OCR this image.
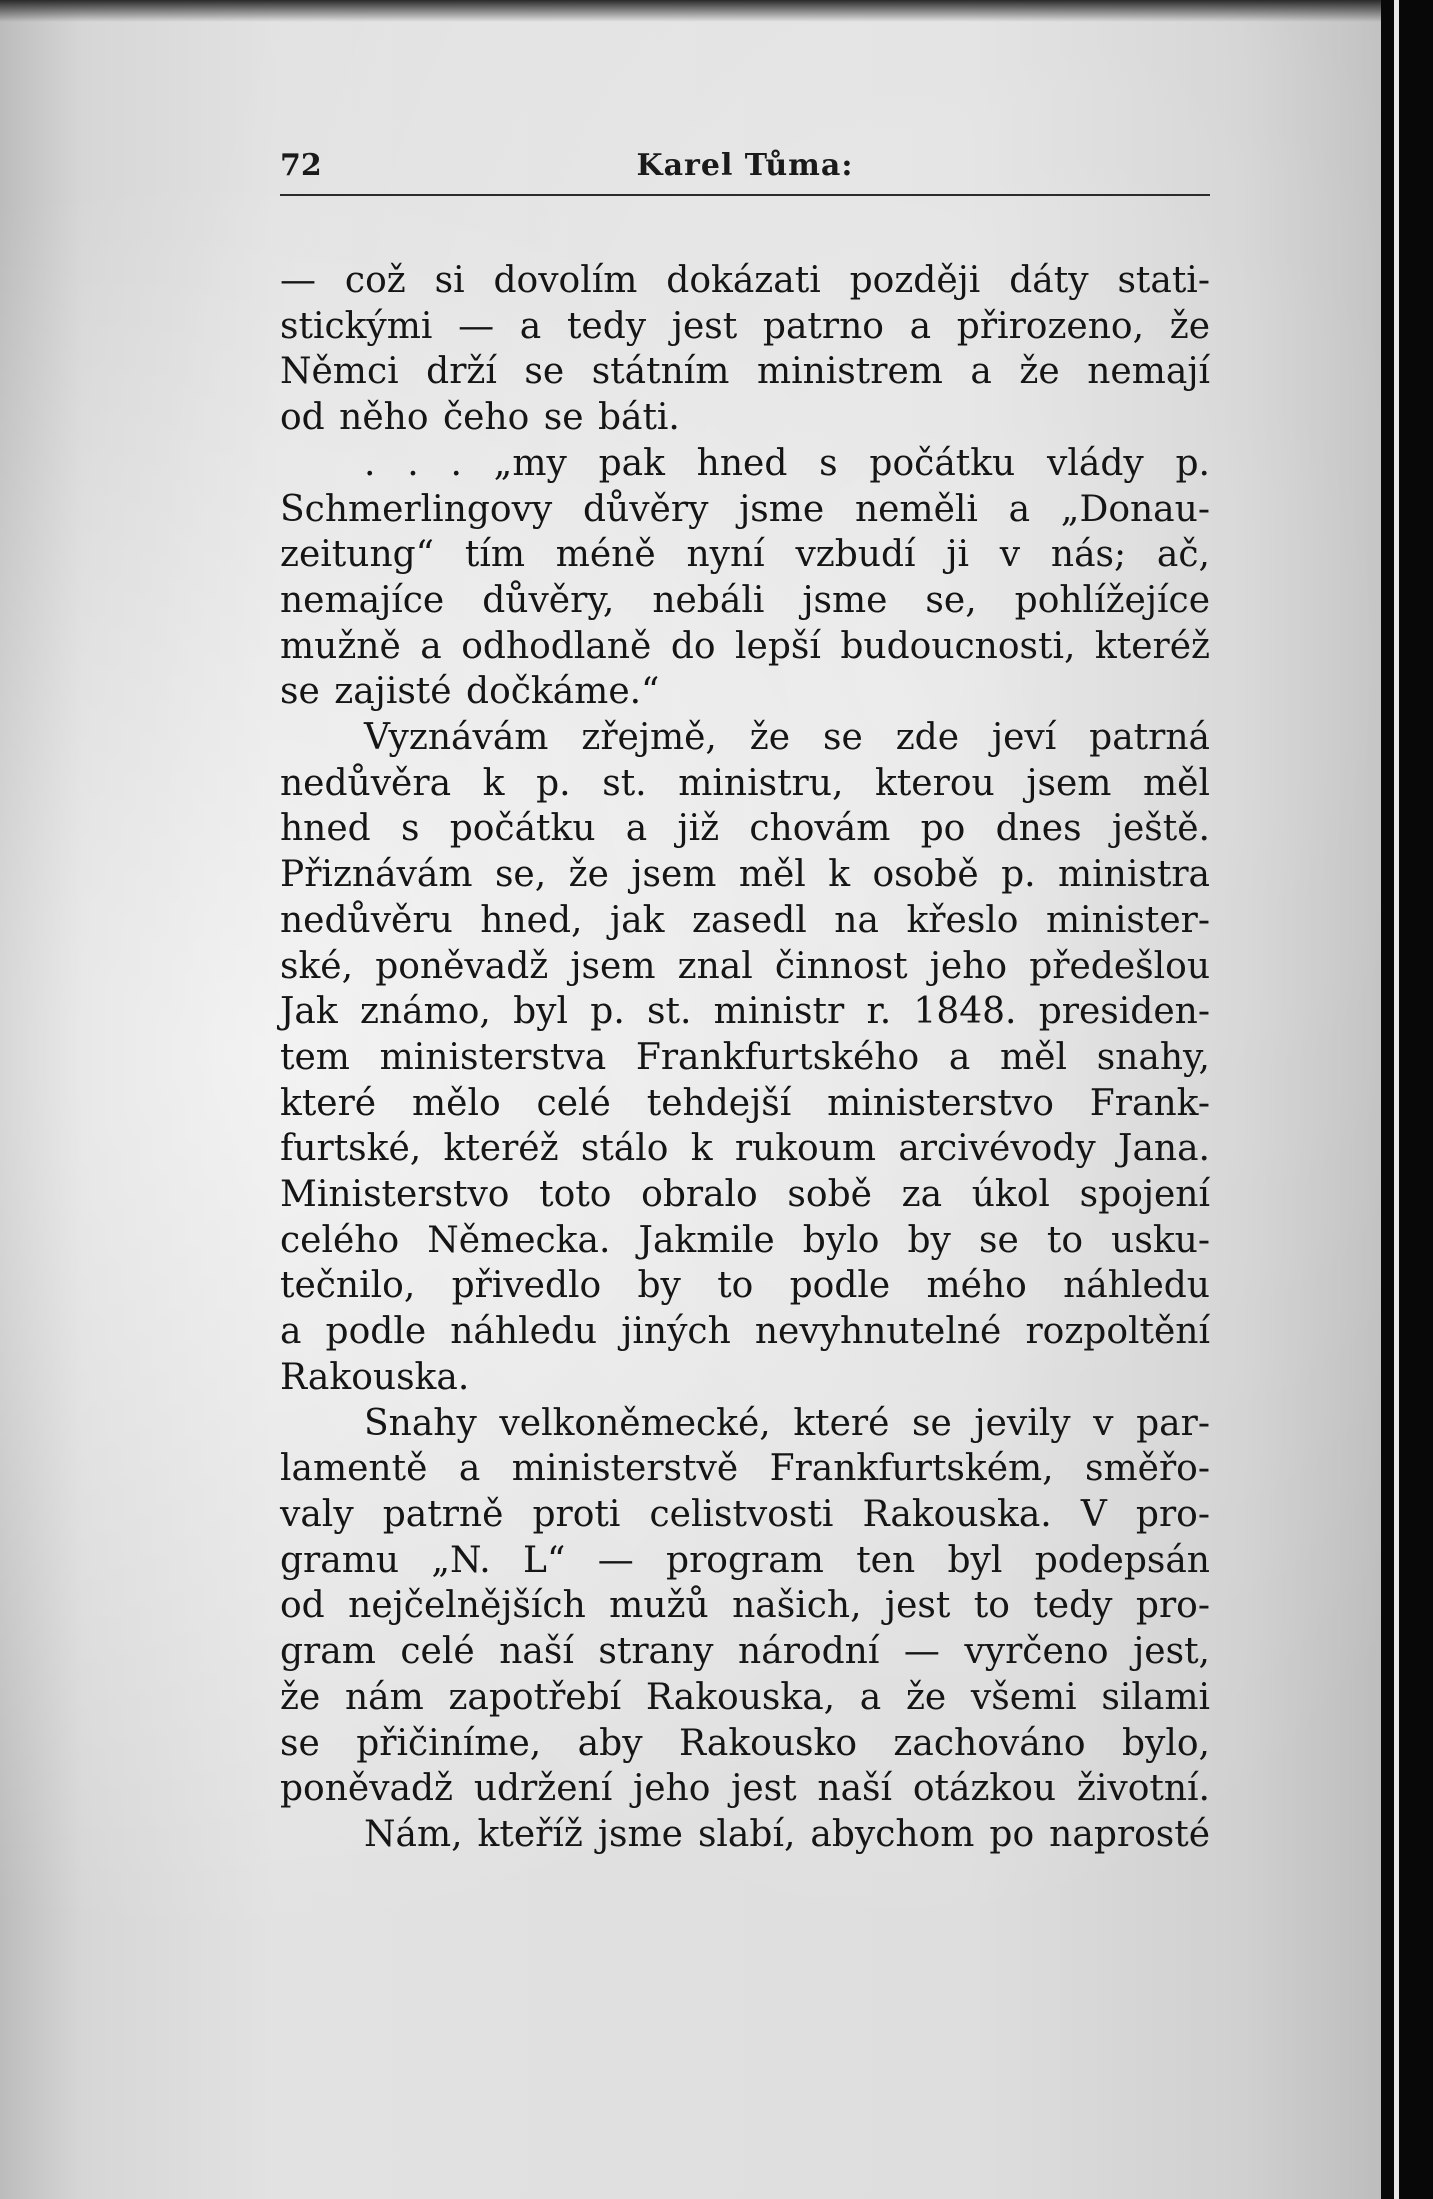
72	Karel Tůma:
— což si dovolím dokázati později dáty stati-
stickými — a tedy jest patrno a přirozeno, že
Němci drží se státním ministrem a že nemají
od něho čeho se báti.
. . . „my pak hned s počátku vlády p.
Schmerlingovy důvěry jsme neměli a „Donau-
zeitung“ tím méně nyní vzbudí ji v nás; ač,
nemajíce důvěry, nebáli jsme se, pohlížejíce
mužně a odhodlaně do lepší budoucnosti, kteréž
se zajisté dočkáme.“
Vyznávám zřejmě, že se zde jeví patrná
nedůvěra k p. st. ministru, kterou jsem měl
hned s počátku a již chovám po dnes ještě.
Přiznávám se, že jsem měl k osobě p. ministra
nedůvěru hned, jak zasedl na křeslo minister-
ské, poněvadž jsem znal činnost jeho předešlou
Jak známo, byl p. st. ministr r. 1848. presiden-
tem ministerstva Frankfurtského a měl snahy,
které mělo celé tehdejší ministerstvo Frank-
furtské, kteréž stálo k rukoum arcivévody Jana.
Ministerstvo toto obralo sobě za úkol spojení
celého Německa. Jakmile bylo by se to usku-
tečnilo, přivedlo by to podle mého náhledu
a podle náhledu jiných nevyhnutelné rozpoltění
Rakouska.
Snahy velkoněmecké, které se jevily v par-
lamentě a ministerstvě Frankfurtském, směřo-
valy patrně proti celistvosti Rakouska. V pro-
gramu „N. L“ — program ten byl podepsán
od nejčelnějších mužů našich, jest to tedy pro-
gram celé naší strany národní — vyrčeno jest,
že nám zapotřebí Rakouska, a že všemi silami
se přičiníme, aby Rakousko zachováno bylo,
poněvadž udržení jeho jest naší otázkou životní.
Nám, kteříž jsme slabí, abychom po naprosté
